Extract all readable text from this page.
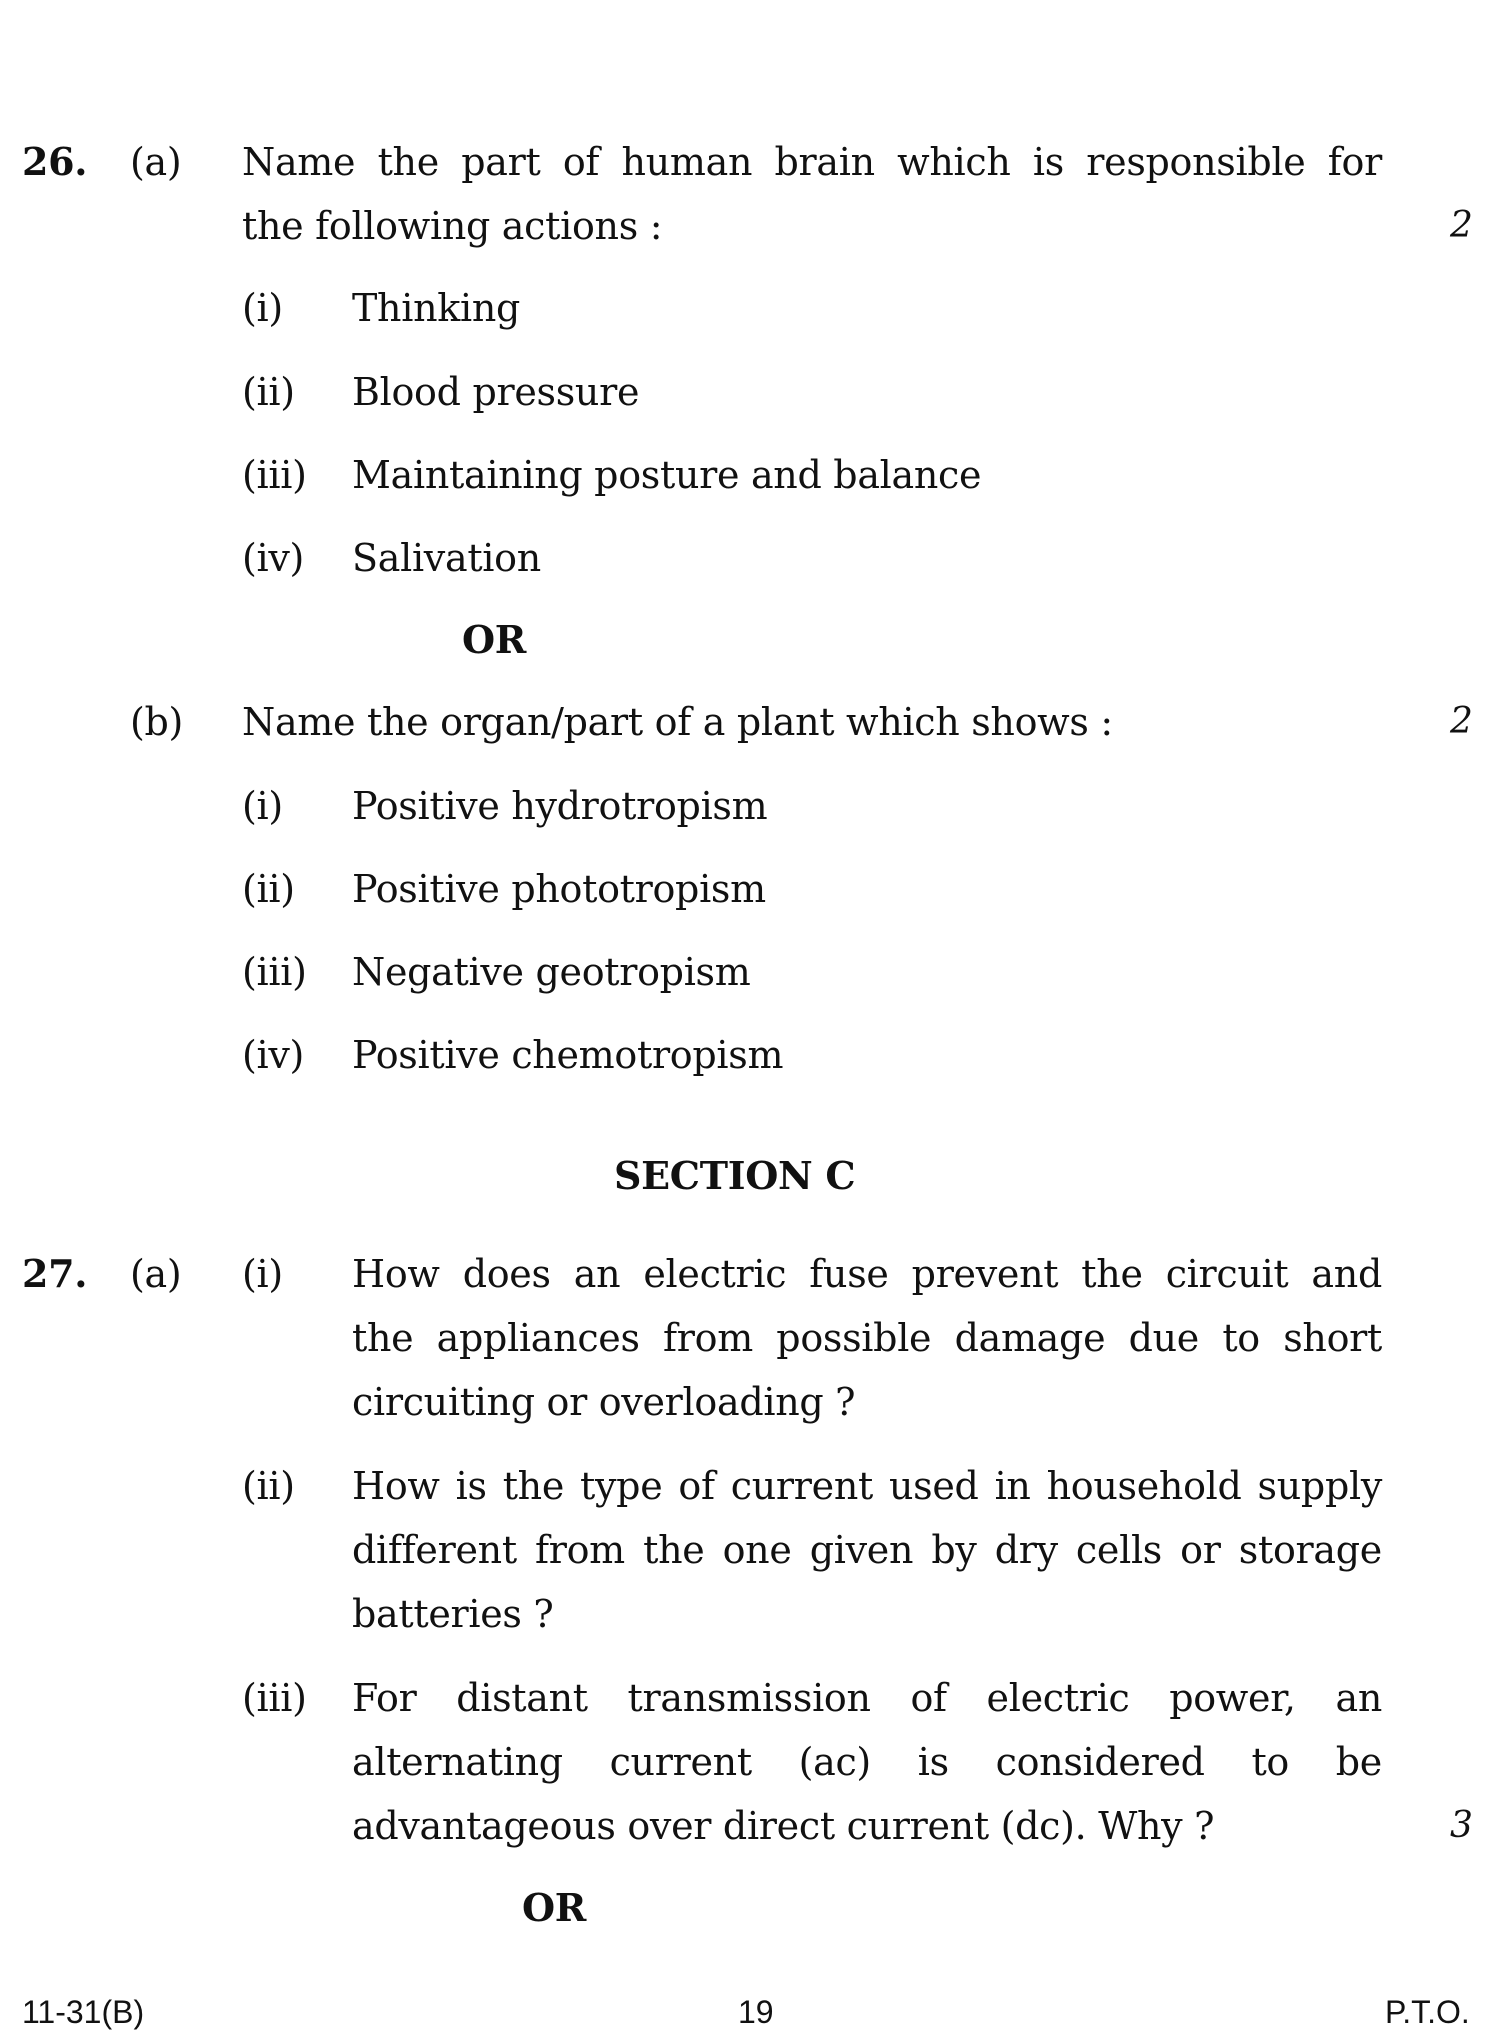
26. (a) Name the part of human brain which is responsible for
the following actions :	2
(i) Thinking
(ii) Blood pressure
(iii) Maintaining posture and balance
(iv) Salivation
OR
(b) Name the organ/part of a plant which shows :	2
(i) Positive hydrotropism
(ii) Positive phototropism
(iii) Negative geotropism
(iv) Positive chemotropism
SECTION C
27. (a) (i) How does an electric fuse prevent the circuit and
the appliances from possible damage due to short
circuiting or overloading ?
(ii) How is the type of current used in household supply
different from the one given by dry cells or storage
batteries ?
(iii) For distant transmission of electric power, an
alternating current (ac) is considered to be
advantageous over direct current (dc). Why ?	3
OR
11-31(B)	19	P.T.O.
